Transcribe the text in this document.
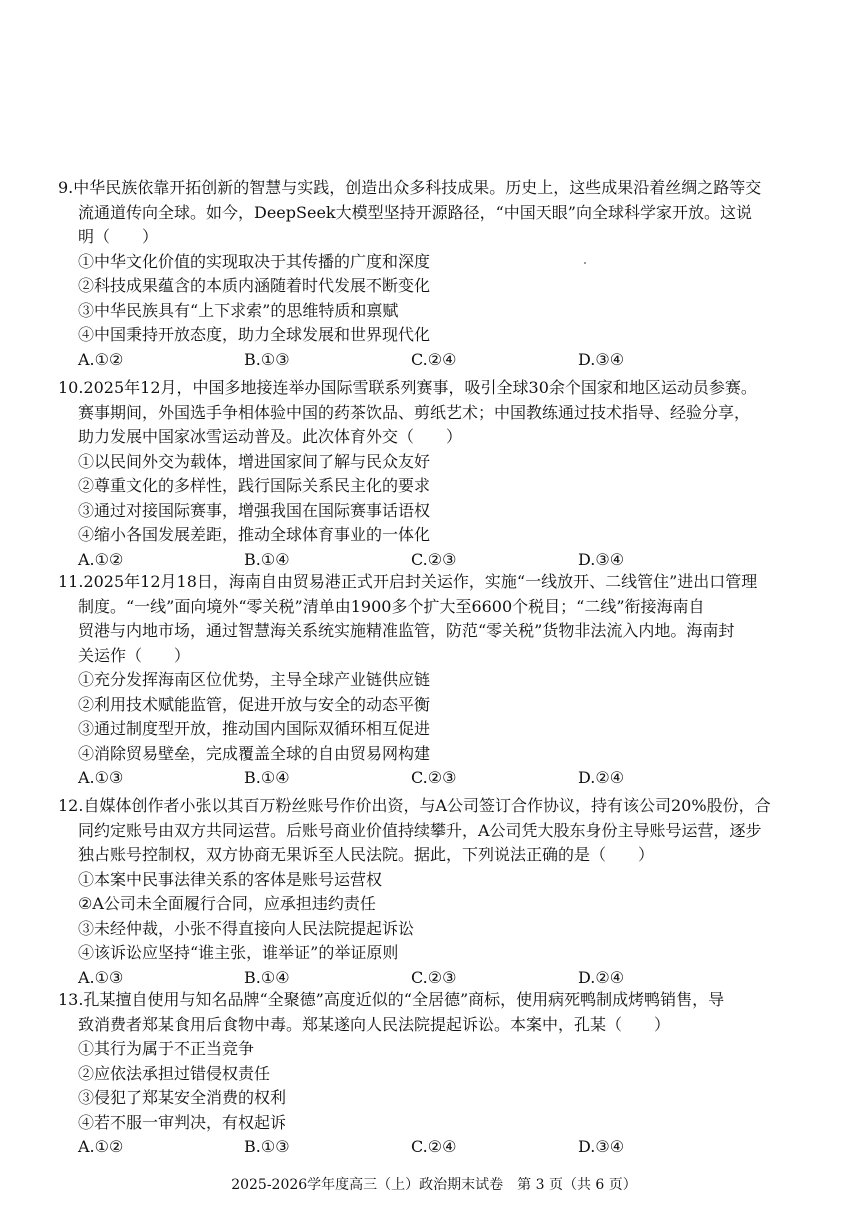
9.中华民族依靠开拓创新的智慧与实践，创造出众多科技成果。历史上，这些成果沿着丝绸之路等交
流通道传向全球。如今，DeepSeek大模型坚持开源路径，“中国天眼”向全球科学家开放。这说
明（　　）
①中华文化价值的实现取决于其传播的广度和深度
②科技成果蕴含的本质内涵随着时代发展不断变化
③中华民族具有“上下求索”的思维特质和禀赋
④中国秉持开放态度，助力全球发展和世界现代化
A.①②	B.①③	C.②④	D.③④
10.2025年12月，中国多地接连举办国际雪联系列赛事，吸引全球30余个国家和地区运动员参赛。
赛事期间，外国选手争相体验中国的药茶饮品、剪纸艺术；中国教练通过技术指导、经验分享，
助力发展中国家冰雪运动普及。此次体育外交（　　）
①以民间外交为载体，增进国家间了解与民众友好
②尊重文化的多样性，践行国际关系民主化的要求
③通过对接国际赛事，增强我国在国际赛事话语权
④缩小各国发展差距，推动全球体育事业的一体化
A.①②	B.①④	C.②③	D.③④
11.2025年12月18日，海南自由贸易港正式开启封关运作，实施“一线放开、二线管住”进出口管理
制度。“一线”面向境外“零关税”清单由1900多个扩大至6600个税目；“二线”衔接海南自
贸港与内地市场，通过智慧海关系统实施精准监管，防范“零关税”货物非法流入内地。海南封
关运作（　　）
①充分发挥海南区位优势，主导全球产业链供应链
②利用技术赋能监管，促进开放与安全的动态平衡
③通过制度型开放，推动国内国际双循环相互促进
④消除贸易壁垒，完成覆盖全球的自由贸易网构建
A.①③	B.①④	C.②③	D.②④
12.自媒体创作者小张以其百万粉丝账号作价出资，与A公司签订合作协议，持有该公司20%股份，合
同约定账号由双方共同运营。后账号商业价值持续攀升，A公司凭大股东身份主导账号运营，逐步
独占账号控制权，双方协商无果诉至人民法院。据此，下列说法正确的是（　　）
①本案中民事法律关系的客体是账号运营权
②A公司未全面履行合同，应承担违约责任
③未经仲裁，小张不得直接向人民法院提起诉讼
④该诉讼应坚持“谁主张，谁举证”的举证原则
A.①③	B.①④	C.②③	D.②④
13.孔某擅自使用与知名品牌“全聚德”高度近似的“全居德”商标，使用病死鸭制成烤鸭销售，导
致消费者郑某食用后食物中毒。郑某遂向人民法院提起诉讼。本案中，孔某（　　）
①其行为属于不正当竞争
②应依法承担过错侵权责任
③侵犯了郑某安全消费的权利
④若不服一审判决，有权起诉
A.①②	B.①③	C.②④	D.③④
2025-2026学年度高三（上）政治期末试卷　第 3 页（共 6 页）
